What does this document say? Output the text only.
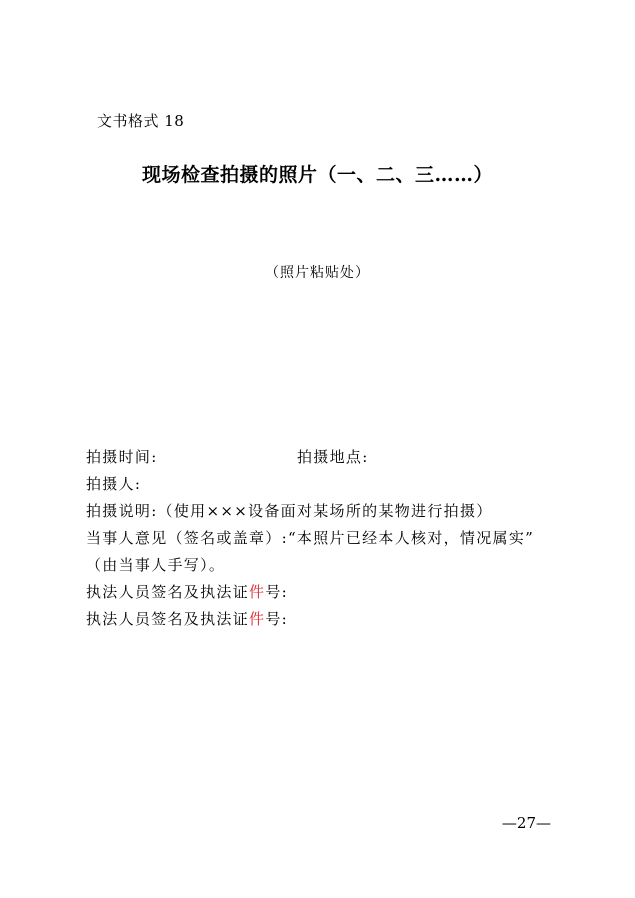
文书格式 18
现场检查拍摄的照片（一、二、三……）
（照片粘贴处）
拍摄时间:	拍摄地点:
拍摄人:
拍摄说明:（使用×××设备面对某场所的某物进行拍摄）
当事人意见（签名或盖章）:“本照片已经本人核对，情况属实”
（由当事人手写）。
执法人员签名及执法证件号:
执法人员签名及执法证件号:
—27—
